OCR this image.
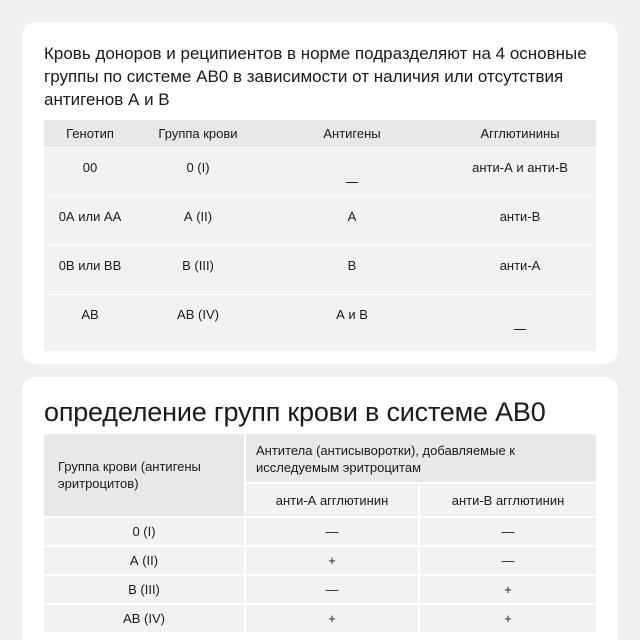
Кровь доноров и реципиентов в норме подразделяют на 4 основные группы по системе АВ0 в зависимости от наличия или отсутствия антигенов А и В

Генотип	Группа крови	Антигены	Агглютинины
00	0 (I)		анти-А и анти-В
0А или АА	А (II)	А	анти-В
0В или ВВ	В (III)	В	анти-А
АВ	АВ (IV)	А и В	
определение групп крови в системе АВ0
Группа крови (антигены эритроцитов)	Антитела (антисыворотки), добавляемые к исследуемым эритроцитам	
	анти-А агглютинин	анти-В агглютинин
0 (I)	—	—
А (II)	+	—
В (III)	—	+
АВ (IV)	+	+
